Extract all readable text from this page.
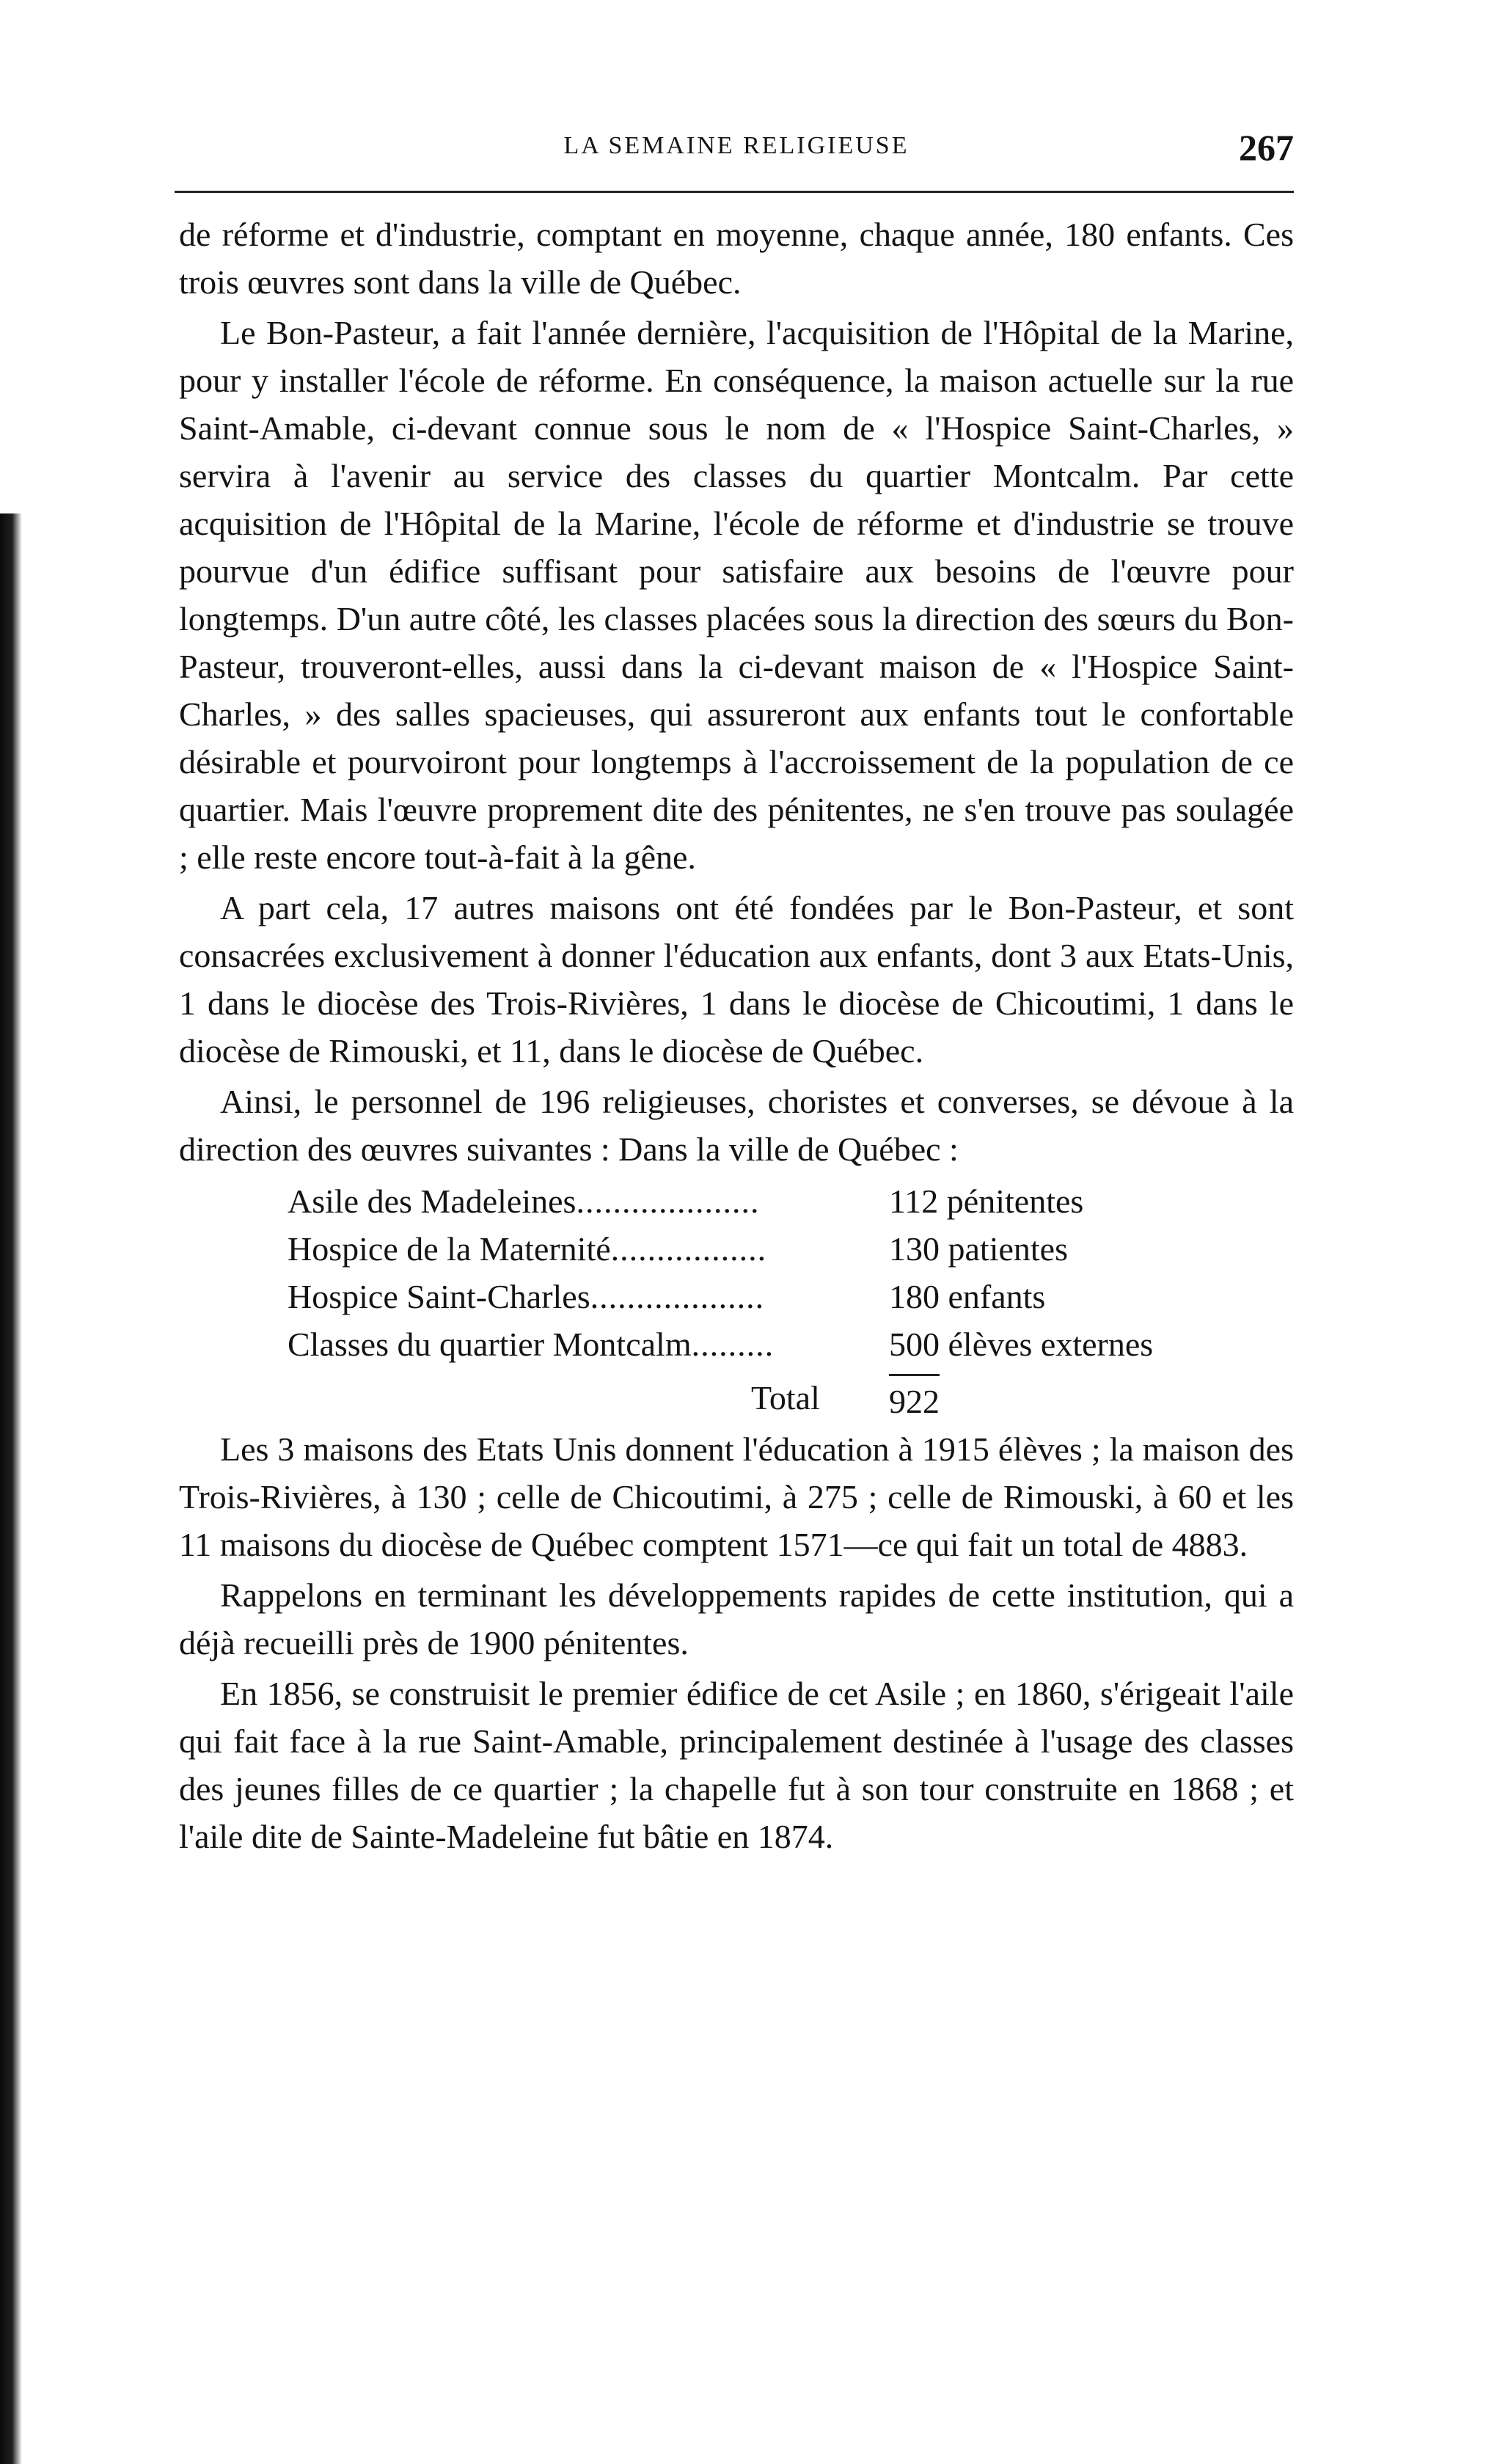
LA SEMAINE RELIGIEUSE	267

de réforme et d'industrie, comptant en moyenne, chaque année, 180 enfants. Ces trois œuvres sont dans la ville de Québec.

Le Bon-Pasteur, a fait l'année dernière, l'acquisition de l'Hôpital de la Marine, pour y installer l'école de réforme. En conséquence, la maison actuelle sur la rue Saint-Amable, ci-devant connue sous le nom de « l'Hospice Saint-Charles, » servira à l'avenir au service des classes du quartier Montcalm. Par cette acquisition de l'Hôpital de la Marine, l'école de réforme et d'industrie se trouve pourvue d'un édifice suffisant pour satisfaire aux besoins de l'œuvre pour longtemps. D'un autre côté, les classes placées sous la direction des sœurs du Bon-Pasteur, trouveront-elles, aussi dans la ci-devant maison de « l'Hospice Saint-Charles, » des salles spacieuses, qui assureront aux enfants tout le confortable désirable et pourvoiront pour longtemps à l'accroissement de la population de ce quartier. Mais l'œuvre proprement dite des pénitentes, ne s'en trouve pas soulagée ; elle reste encore tout-à-fait à la gêne.

A part cela, 17 autres maisons ont été fondées par le Bon-Pasteur, et sont consacrées exclusivement à donner l'éducation aux enfants, dont 3 aux Etats-Unis, 1 dans le diocèse des Trois-Rivières, 1 dans le diocèse de Chicoutimi, 1 dans le diocèse de Rimouski, et 11, dans le diocèse de Québec.

Ainsi, le personnel de 196 religieuses, choristes et converses, se dévoue à la direction des œuvres suivantes : Dans la ville de Québec :

Asile des Madeleines....................	112 pénitentes
Hospice de la Maternité.................	130 patientes
Hospice Saint-Charles...................	180 enfants
Classes du quartier Montcalm.........	500 élèves externes
Total	922

Les 3 maisons des Etats Unis donnent l'éducation à 1915 élèves ; la maison des Trois-Rivières, à 130 ; celle de Chicoutimi, à 275 ; celle de Rimouski, à 60 et les 11 maisons du diocèse de Québec comptent 1571—ce qui fait un total de 4883.

Rappelons en terminant les développements rapides de cette institution, qui a déjà recueilli près de 1900 pénitentes.

En 1856, se construisit le premier édifice de cet Asile ; en 1860, s'érigeait l'aile qui fait face à la rue Saint-Amable, principalement destinée à l'usage des classes des jeunes filles de ce quartier ; la chapelle fut à son tour construite en 1868 ; et l'aile dite de Sainte-Madeleine fut bâtie en 1874.
